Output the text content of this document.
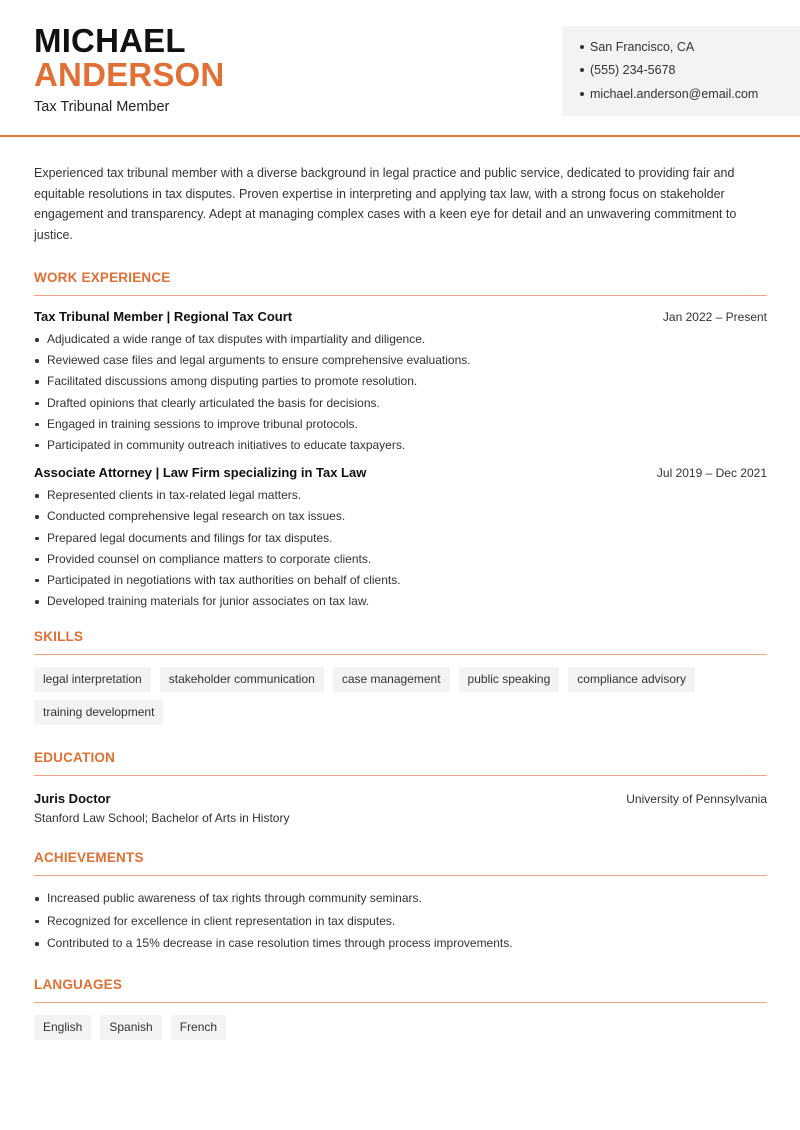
MICHAEL
ANDERSON
Tax Tribunal Member
San Francisco, CA
(555) 234-5678
michael.anderson@email.com

Experienced tax tribunal member with a diverse background in legal practice and public service, dedicated to providing fair and equitable resolutions in tax disputes. Proven expertise in interpreting and applying tax law, with a strong focus on stakeholder engagement and transparency. Adept at managing complex cases with a keen eye for detail and an unwavering commitment to justice.

WORK EXPERIENCE
Tax Tribunal Member | Regional Tax Court	Jan 2022 – Present
Adjudicated a wide range of tax disputes with impartiality and diligence.
Reviewed case files and legal arguments to ensure comprehensive evaluations.
Facilitated discussions among disputing parties to promote resolution.
Drafted opinions that clearly articulated the basis for decisions.
Engaged in training sessions to improve tribunal protocols.
Participated in community outreach initiatives to educate taxpayers.
Associate Attorney | Law Firm specializing in Tax Law	Jul 2019 – Dec 2021
Represented clients in tax-related legal matters.
Conducted comprehensive legal research on tax issues.
Prepared legal documents and filings for tax disputes.
Provided counsel on compliance matters to corporate clients.
Participated in negotiations with tax authorities on behalf of clients.
Developed training materials for junior associates on tax law.
SKILLS
legal interpretation	stakeholder communication	case management	public speaking	compliance advisory
training development
EDUCATION
Juris Doctor	University of Pennsylvania
Stanford Law School; Bachelor of Arts in History
ACHIEVEMENTS
Increased public awareness of tax rights through community seminars.
Recognized for excellence in client representation in tax disputes.
Contributed to a 15% decrease in case resolution times through process improvements.
LANGUAGES
English	Spanish	French
